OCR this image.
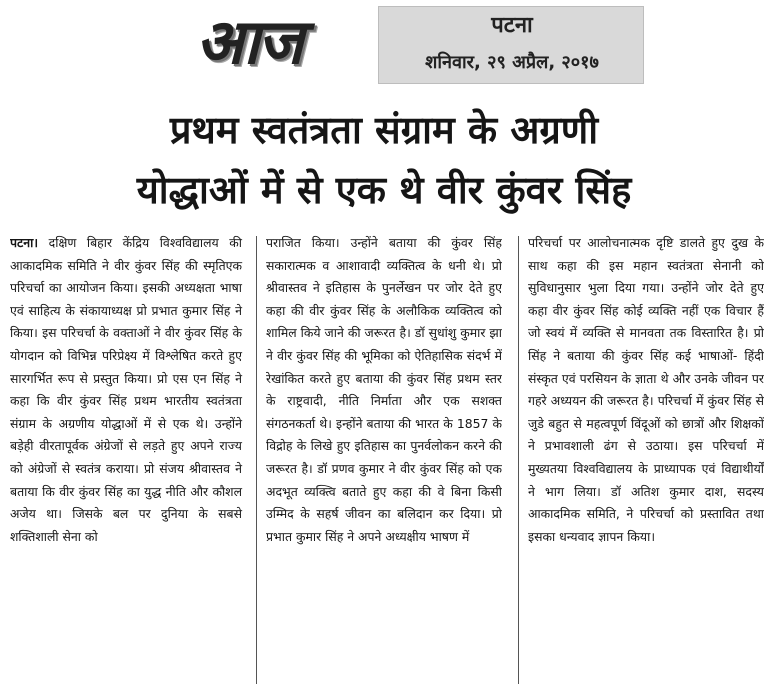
आज	पटना
शनिवार, २९ अप्रैल, २०१७
प्रथम स्वतंत्रता संग्राम के अग्रणी
योद्धाओं में से एक थे वीर कुंवर सिंह

पटना। दक्षिण बिहार केंद्रिय विश्वविद्यालय की आकादमिक समिति ने वीर कुंवर सिंह की स्मृतिएक परिचर्चा का आयोजन किया। इसकी अध्यक्षता भाषा एवं साहित्य के संकायाध्यक्ष प्रो प्रभात कुमार सिंह ने किया। इस परिचर्चा के वक्ताओं ने वीर कुंवर सिंह के योगदान को विभिन्न परिप्रेक्ष्य में विश्लेषित करते हुए सारगर्भित रूप से प्रस्तुत किया। प्रो एस एन सिंह ने कहा कि वीर कुंवर सिंह प्रथम भारतीय स्वतंत्रता संग्राम के अग्रणीय योद्धाओं में से एक थे। उन्होंने बडे़ही वीरतापूर्वक अंग्रेजों से लड़ते हुए अपने राज्य को अंग्रेजों से स्वतंत्र कराया। प्रो संजय श्रीवास्तव ने बताया कि वीर कुंवर सिंह का युद्ध नीति और कौशल अजेय था। जिसके बल पर दुनिया के सबसे शक्तिशाली सेना को

पराजित किया। उन्होंने बताया की कुंवर सिंह सकारात्मक व आशावादी व्यक्तित्व के धनी थे। प्रो श्रीवास्तव ने इतिहास के पुनर्लेखन पर जोर देते हुए कहा की वीर कुंवर सिंह के अलौकिक व्यक्तित्व को शामिल किये जाने की जरूरत है। डॉ सुधांशु कुमार झा ने वीर कुंवर सिंह की भूमिका को ऐतिहासिक संदर्भ में रेखांकित करते हुए बताया की कुंवर सिंह प्रथम स्तर के राष्ट्रवादी, नीति निर्माता और एक सशक्त संगठनकर्ता थे। इन्होंने बताया की भारत के 1857 के विद्रोह के लिखे हुए इतिहास का पुनर्वलोकन करने की जरूरत है। डॉ प्रणव कुमार ने वीर कुंवर सिंह को एक अदभूत व्यक्त्वि बताते हुए कहा की वे बिना किसी उम्मिद के सहर्ष जीवन का बलिदान कर दिया। प्रो प्रभात कुमार सिंह ने अपने अध्यक्षीय भाषण में

परिचर्चा पर आलोचनात्मक दृष्टि डालते हुए दुख के साथ कहा की इस महान स्वतंत्रता सेनानी को सुविधानुसार भुला दिया गया। उन्होंने जोर देते हुए कहा वीर कुंवर सिंह कोई व्यक्ति नहीं एक विचार हैं जो स्वयं में व्यक्ति से मानवता तक विस्तारित है। प्रो सिंह ने बताया की कुंवर सिंह कई भाषाओं- हिंदी संस्कृत एवं परसियन के ज्ञाता थे और उनके जीवन पर गहरे अध्ययन की जरूरत है। परिचर्चा में कुंवर सिंह से जुडे बहुत से महत्वपूर्ण विंदूओं को छात्रों और शिक्षकों ने प्रभावशाली ढंग से उठाया। इस परिचर्चा में मुख्यतया विश्वविद्यालय के प्राध्यापक एवं विद्याथीर्यों ने भाग लिया। डॉ अतिश कुमार दाश, सदस्य आकादमिक समिति, ने परिचर्चा को प्रस्तावित तथा इसका धन्यवाद ज्ञापन किया।
